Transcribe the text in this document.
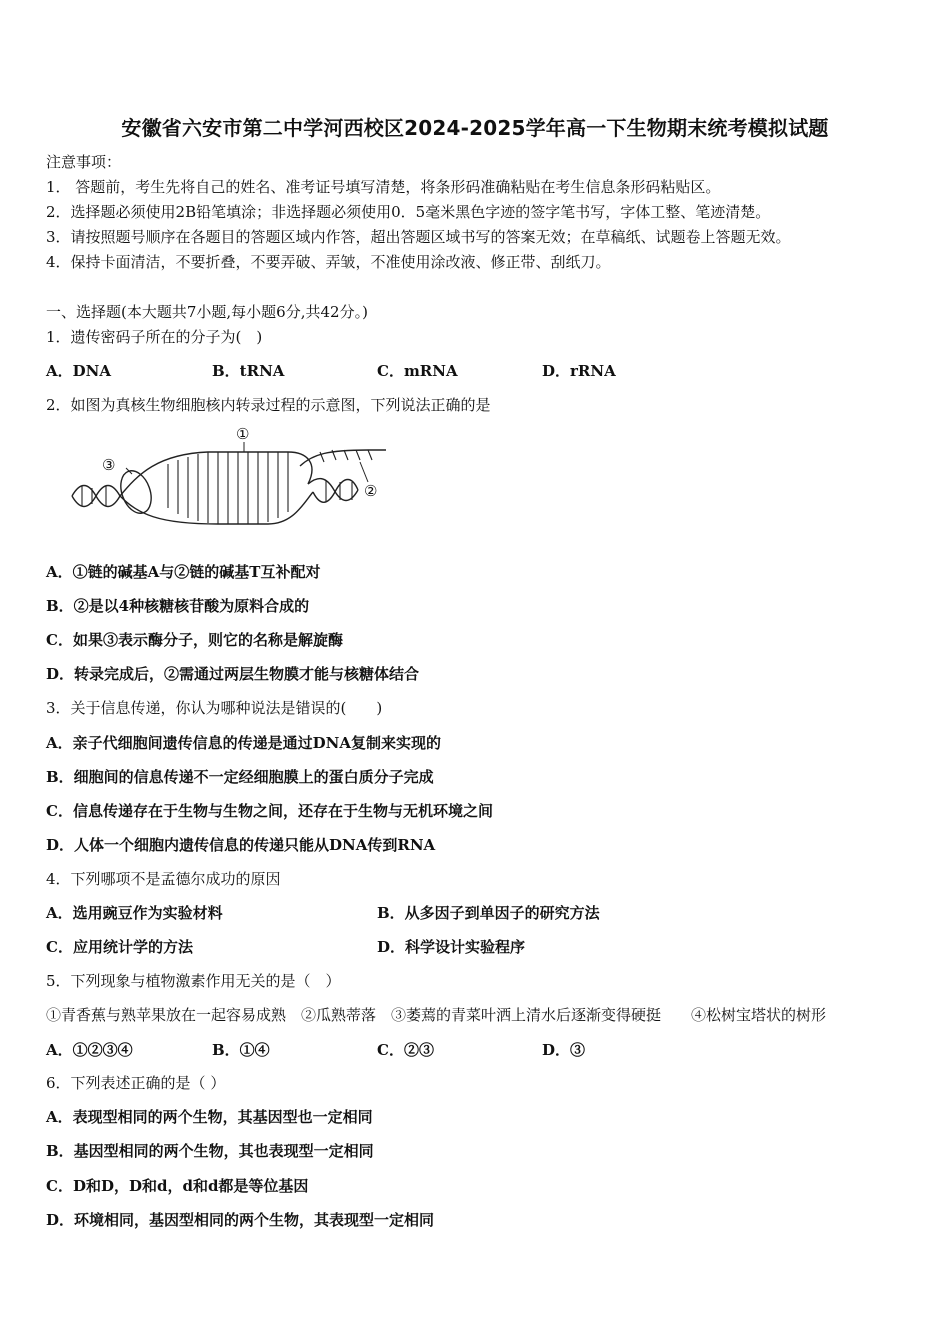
安徽省六安市第二中学河西校区2024-2025学年高一下生物期末统考模拟试题
注意事项：
1． 答题前，考生先将自己的姓名、准考证号填写清楚，将条形码准确粘贴在考生信息条形码粘贴区。
2．选择题必须使用2B铅笔填涂；非选择题必须使用0．5毫米黑色字迹的签字笔书写，字体工整、笔迹清楚。
3．请按照题号顺序在各题目的答题区域内作答，超出答题区域书写的答案无效；在草稿纸、试题卷上答题无效。
4．保持卡面清洁，不要折叠，不要弄破、弄皱，不准使用涂改液、修正带、刮纸刀。
一、选择题(本大题共7小题,每小题6分,共42分。)
1．遗传密码子所在的分子为(　)
A．DNA	B．tRNA	C．mRNA	D．rRNA
2．如图为真核生物细胞核内转录过程的示意图，下列说法正确的是
①
②
③
A．①链的碱基A与②链的碱基T互补配对
B．②是以4种核糖核苷酸为原料合成的
C．如果③表示酶分子，则它的名称是解旋酶
D．转录完成后，②需通过两层生物膜才能与核糖体结合
3．关于信息传递，你认为哪种说法是错误的(　　)
A．亲子代细胞间遗传信息的传递是通过DNA复制来实现的
B．细胞间的信息传递不一定经细胞膜上的蛋白质分子完成
C．信息传递存在于生物与生物之间，还存在于生物与无机环境之间
D．人体一个细胞内遗传信息的传递只能从DNA传到RNA
4．下列哪项不是孟德尔成功的原因
A．选用豌豆作为实验材料	B．从多因子到单因子的研究方法
C．应用统计学的方法	D．科学设计实验程序
5．下列现象与植物激素作用无关的是（　）
①青香蕉与熟苹果放在一起容易成熟　②瓜熟蒂落　③萎蔫的青菜叶洒上清水后逐渐变得硬挺　　④松树宝塔状的树形
A．①②③④	B．①④	C．②③	D．③
6．下列表述正确的是（ ）
A．表现型相同的两个生物，其基因型也一定相同
B．基因型相同的两个生物，其也表现型一定相同
C．D和D，D和d，d和d都是等位基因
D．环境相同，基因型相同的两个生物，其表现型一定相同
